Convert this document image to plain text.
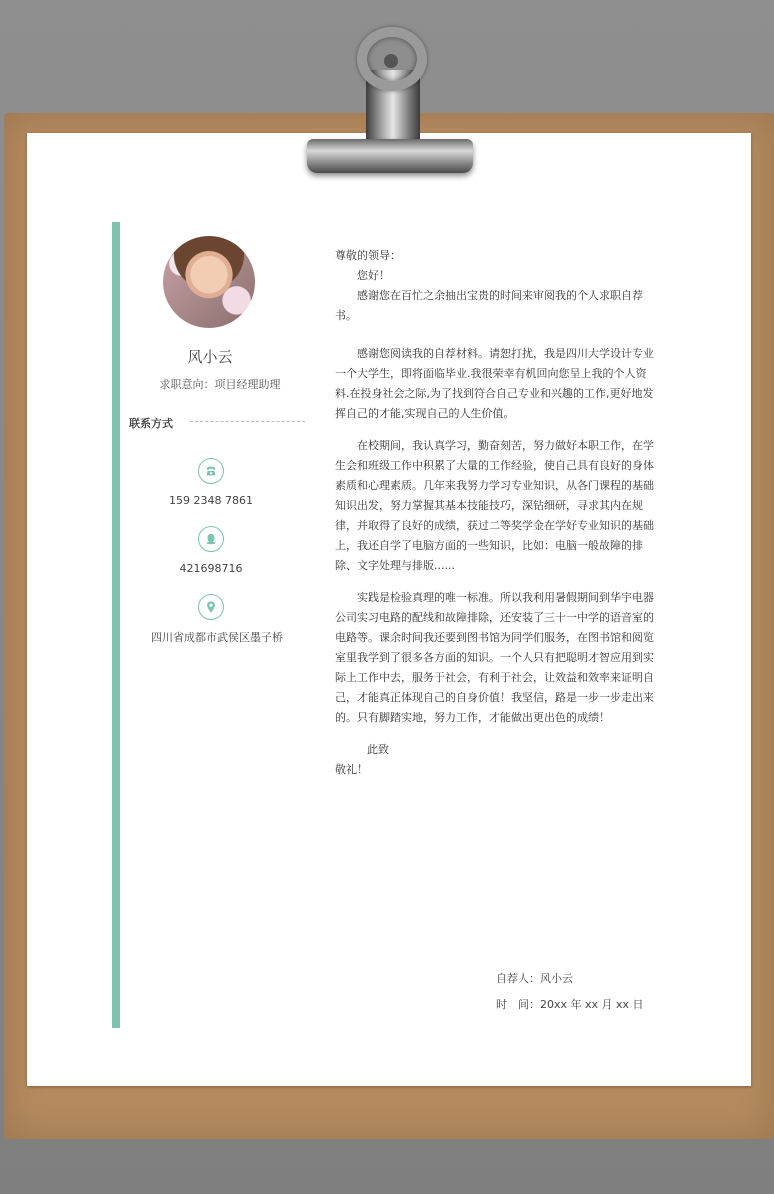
风小云
求职意向：项目经理助理
联系方式
159 2348 7861
421698716
四川省成都市武侯区墨子桥

尊敬的领导：

您好！

感谢您在百忙之余抽出宝贵的时间来审阅我的个人求职自荐书。

感谢您阅读我的自荐材料。请恕打扰，我是四川大学设计专业一个大学生，即将面临毕业.我很荣幸有机回向您呈上我的个人资料.在投身社会之际,为了找到符合自己专业和兴趣的工作,更好地发挥自己的才能,实现自己的人生价值。

在校期间，我认真学习，勤奋刻苦，努力做好本职工作，在学生会和班级工作中积累了大量的工作经验，使自己具有良好的身体素质和心理素质。几年来我努力学习专业知识，从各门课程的基础知识出发，努力掌握其基本技能技巧，深钻细研，寻求其内在规律，并取得了良好的成绩，获过二等奖学金在学好专业知识的基础上，我还自学了电脑方面的一些知识，比如：电脑一般故障的排除、文字处理与排版......

实践是检验真理的唯一标准。所以我利用暑假期间到华宇电器公司实习电路的配线和故障排除，还安装了三十一中学的语音室的电路等。课余时间我还要到图书馆为同学们服务，在图书馆和阅览室里我学到了很多各方面的知识。一个人只有把聪明才智应用到实际上工作中去，服务于社会，有利于社会，让效益和效率来证明自己，才能真正体现自己的自身价值！我坚信，路是一步一步走出来的。只有脚踏实地，努力工作，才能做出更出色的成绩！

此致

敬礼！

自荐人：风小云
时　间：20xx 年 xx 月 xx 日
